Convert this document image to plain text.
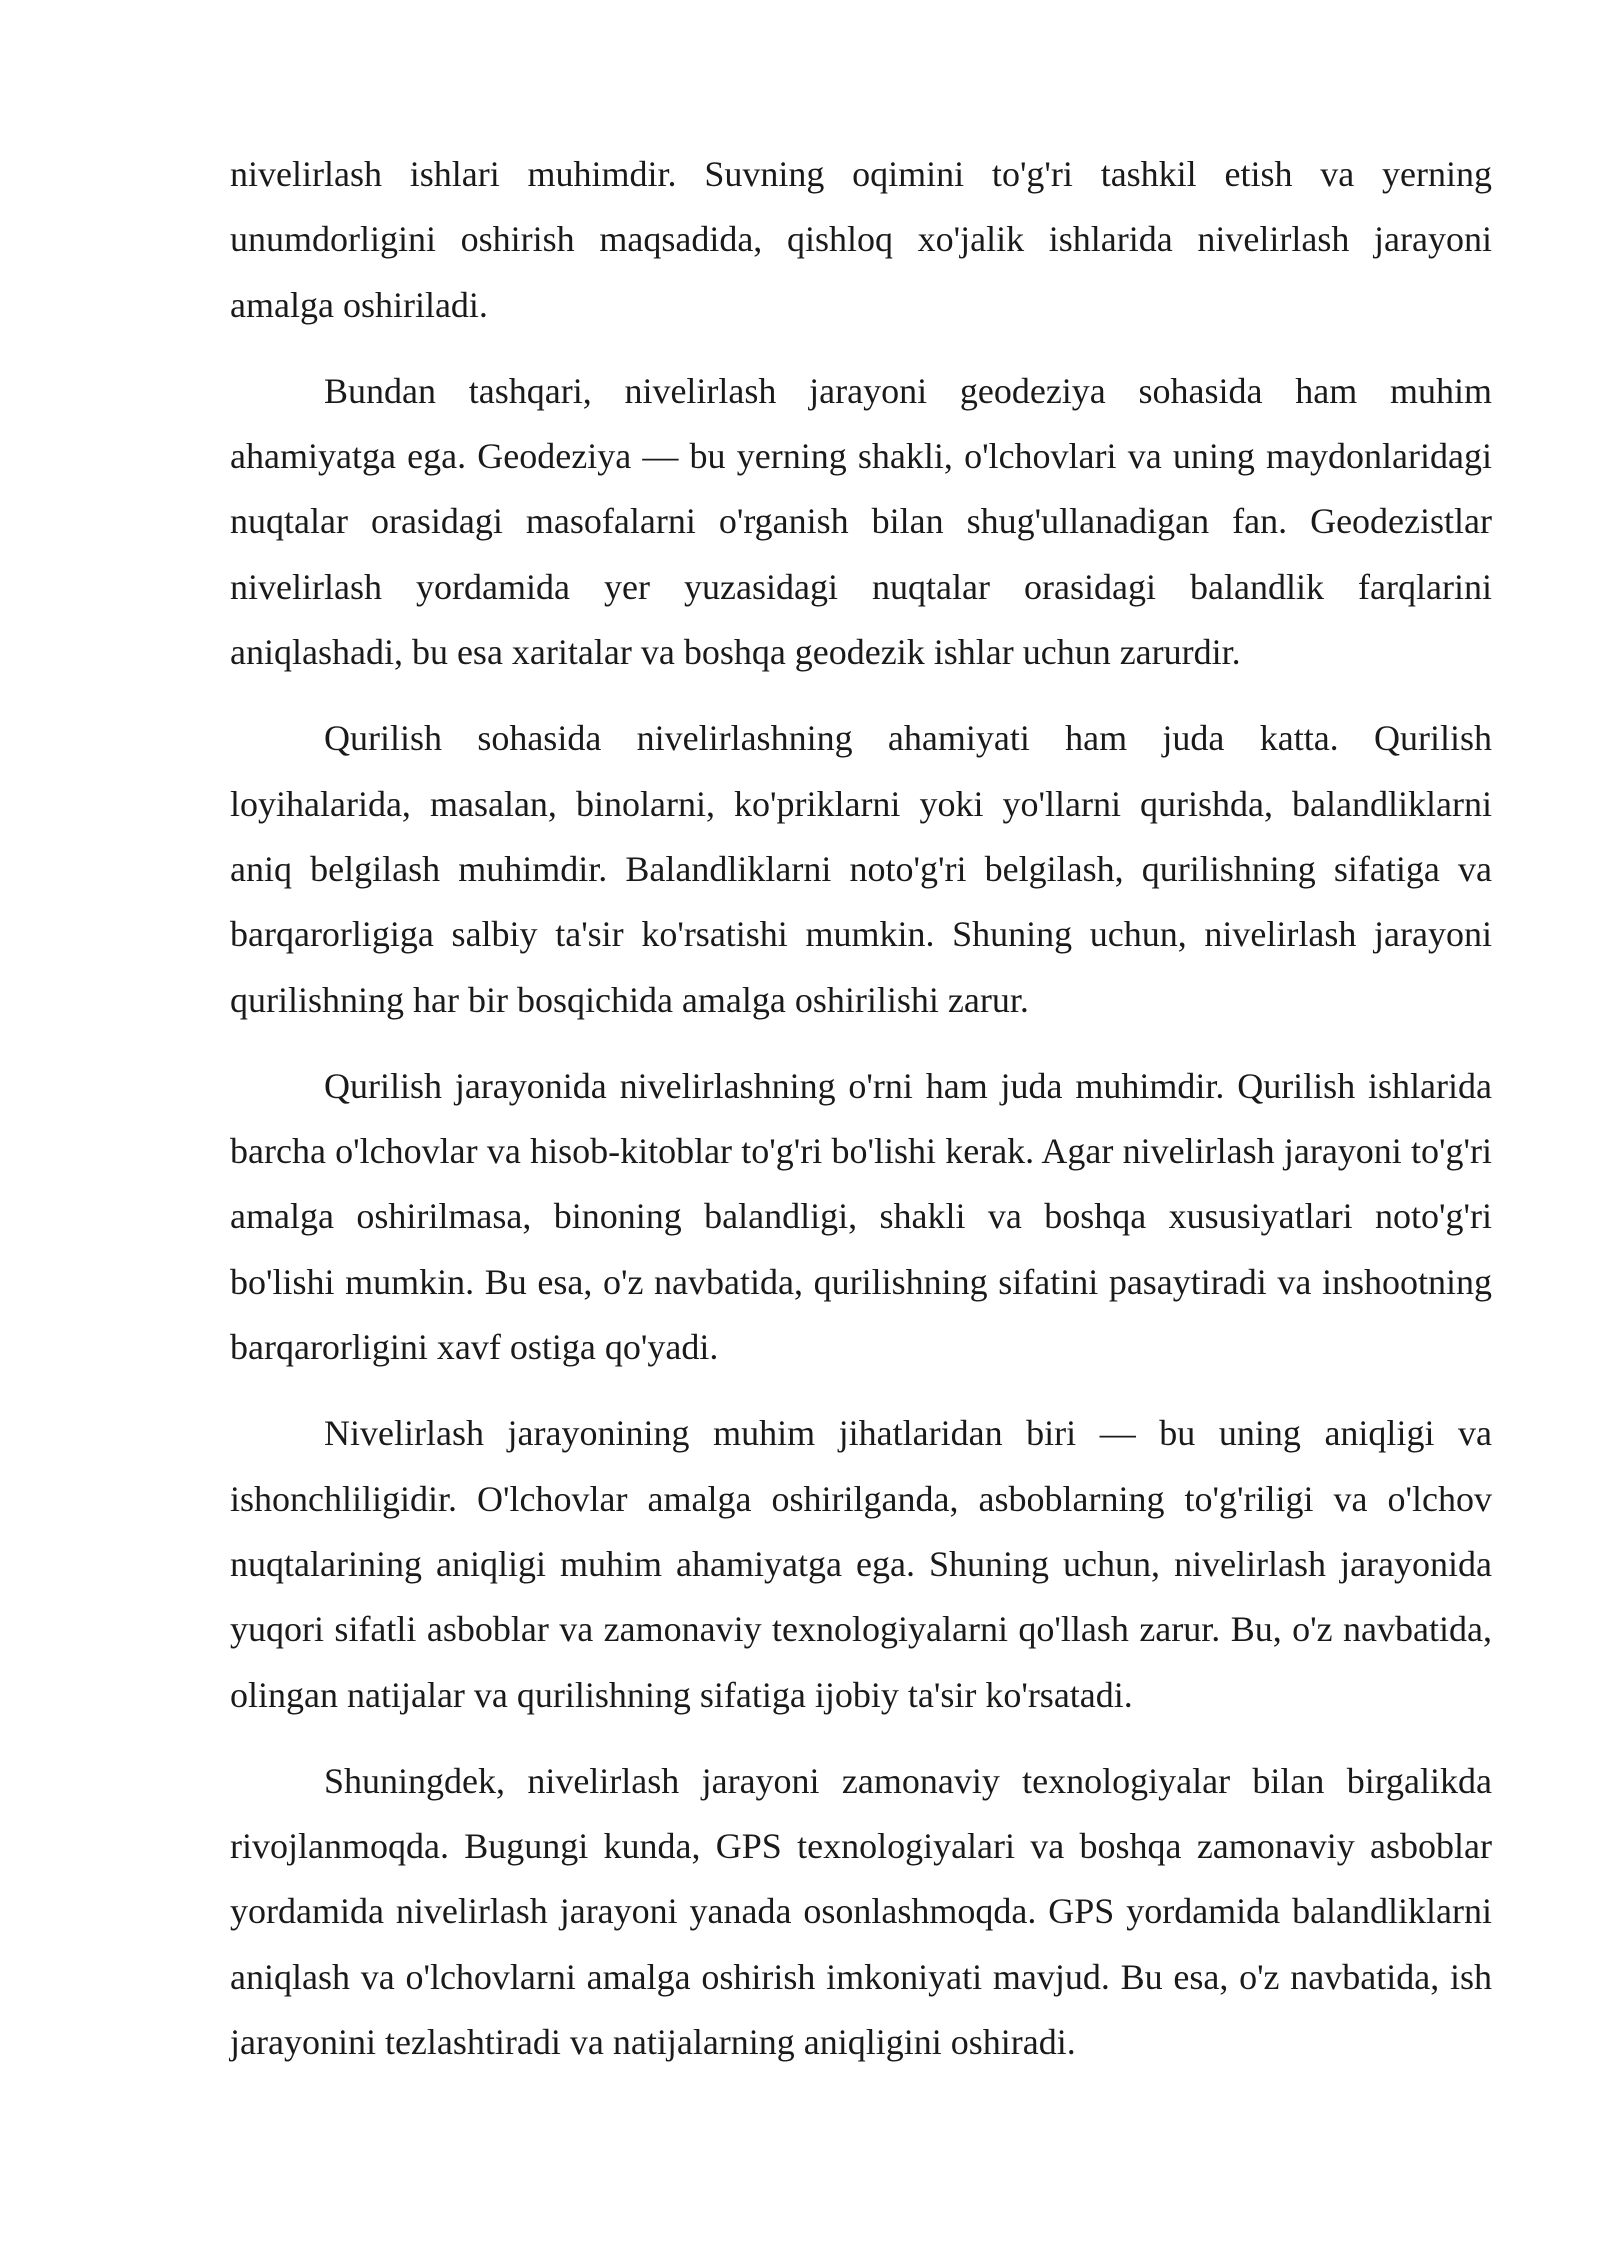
nivelirlash ishlari muhimdir. Suvning oqimini to'g'ri tashkil etish va yerning unumdorligini oshirish maqsadida, qishloq xo'jalik ishlarida nivelirlash jarayoni amalga oshiriladi.

Bundan tashqari, nivelirlash jarayoni geodeziya sohasida ham muhim ahamiyatga ega. Geodeziya — bu yerning shakli, o'lchovlari va uning maydonlaridagi nuqtalar orasidagi masofalarni o'rganish bilan shug'ullanadigan fan. Geodezistlar nivelirlash yordamida yer yuzasidagi nuqtalar orasidagi balandlik farqlarini aniqlashadi, bu esa xaritalar va boshqa geodezik ishlar uchun zarurdir.

Qurilish sohasida nivelirlashning ahamiyati ham juda katta. Qurilish loyihalarida, masalan, binolarni, ko'priklarni yoki yo'llarni qurishda, balandliklarni aniq belgilash muhimdir. Balandliklarni noto'g'ri belgilash, qurilishning sifatiga va barqarorligiga salbiy ta'sir ko'rsatishi mumkin. Shuning uchun, nivelirlash jarayoni qurilishning har bir bosqichida amalga oshirilishi zarur.

Qurilish jarayonida nivelirlashning o'rni ham juda muhimdir. Qurilish ishlarida barcha o'lchovlar va hisob-kitoblar to'g'ri bo'lishi kerak. Agar nivelirlash jarayoni to'g'ri amalga oshirilmasa, binoning balandligi, shakli va boshqa xususiyatlari noto'g'ri bo'lishi mumkin. Bu esa, o'z navbatida, qurilishning sifatini pasaytiradi va inshootning barqarorligini xavf ostiga qo'yadi.

Nivelirlash jarayonining muhim jihatlaridan biri — bu uning aniqligi va ishonchliligidir. O'lchovlar amalga oshirilganda, asboblarning to'g'riligi va o'lchov nuqtalarining aniqligi muhim ahamiyatga ega. Shuning uchun, nivelirlash jarayonida yuqori sifatli asboblar va zamonaviy texnologiyalarni qo'llash zarur. Bu, o'z navbatida, olingan natijalar va qurilishning sifatiga ijobiy ta'sir ko'rsatadi.

Shuningdek, nivelirlash jarayoni zamonaviy texnologiyalar bilan birgalikda rivojlanmoqda. Bugungi kunda, GPS texnologiyalari va boshqa zamonaviy asboblar yordamida nivelirlash jarayoni yanada osonlashmoqda. GPS yordamida balandliklarni aniqlash va o'lchovlarni amalga oshirish imkoniyati mavjud. Bu esa, o'z navbatida, ish jarayonini tezlashtiradi va natijalarning aniqligini oshiradi.
